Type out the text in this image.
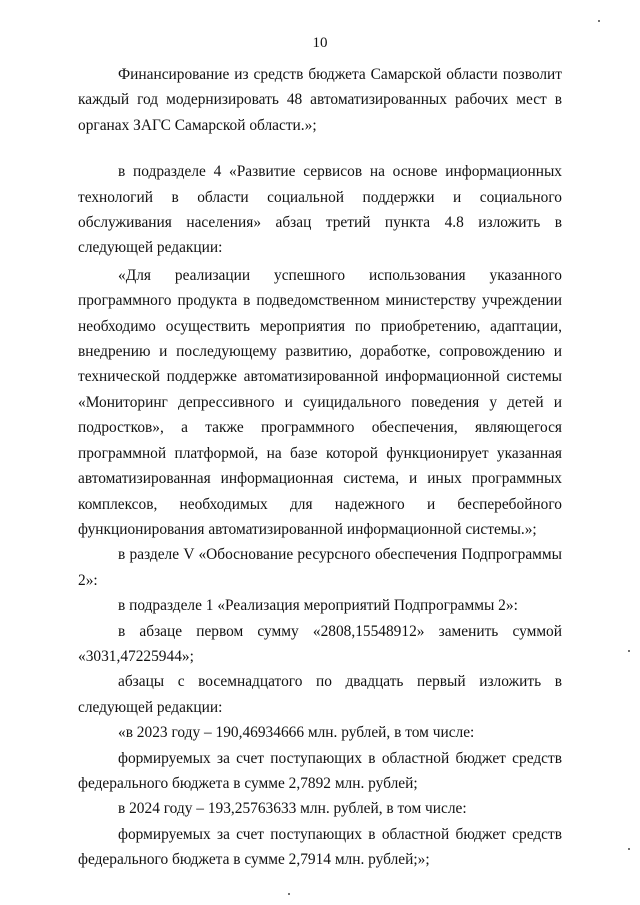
10

Финансирование из средств бюджета Самарской области позволит каждый год модернизировать 48 автоматизированных рабочих мест в органах ЗАГС Самарской области.»;

в подразделе 4 «Развитие сервисов на основе информационных технологий в области социальной поддержки и социального обслуживания населения» абзац третий пункта 4.8 изложить в следующей редакции:

«Для реализации успешного использования указанного программного продукта в подведомственном министерству учреждении необходимо осуществить мероприятия по приобретению, адаптации, внедрению и последующему развитию, доработке, сопровождению и технической поддержке автоматизированной информационной системы «Мониторинг депрессивного и суицидального поведения у детей и подростков», а также программного обеспечения, являющегося программной платформой, на базе которой функционирует указанная автоматизированная информационная система, и иных программных комплексов, необходимых для надежного и бесперебойного функционирования автоматизированной информационной системы.»;

в разделе V «Обоснование ресурсного обеспечения Подпрограммы 2»:

в подразделе 1 «Реализация мероприятий Подпрограммы 2»:

в абзаце первом сумму «2808,15548912» заменить суммой «3031,47225944»;

абзацы с восемнадцатого по двадцать первый изложить в следующей редакции:

«в 2023 году – 190,46934666 млн. рублей, в том числе:

формируемых за счет поступающих в областной бюджет средств федерального бюджета в сумме 2,7892 млн. рублей;

в 2024 году – 193,25763633 млн. рублей, в том числе:

формируемых за счет поступающих в областной бюджет средств федерального бюджета в сумме 2,7914 млн. рублей;»;
